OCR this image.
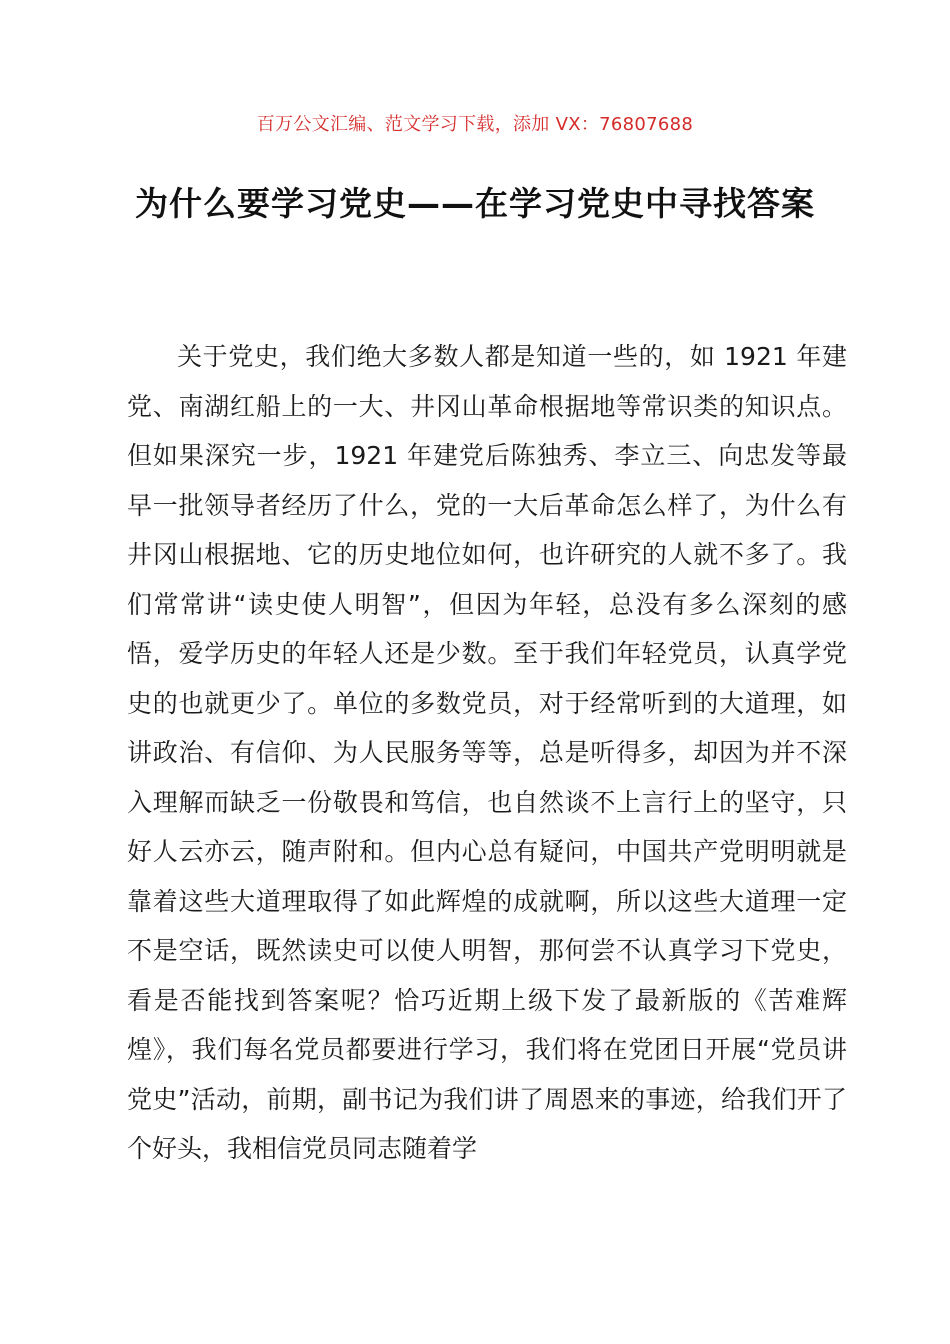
百万公文汇编、范文学习下载，添加 VX：76807688
为什么要学习党史——在学习党史中寻找答案

关于党史，我们绝大多数人都是知道一些的，如 1921 年建党、南湖红船上的一大、井冈山革命根据地等常识类的知识点。但如果深究一步，1921 年建党后陈独秀、李立三、向忠发等最早一批领导者经历了什么，党的一大后革命怎么样了，为什么有井冈山根据地、它的历史地位如何，也许研究的人就不多了。我们常常讲“读史使人明智”，但因为年轻，总没有多么深刻的感悟，爱学历史的年轻人还是少数。至于我们年轻党员，认真学党史的也就更少了。单位的多数党员，对于经常听到的大道理，如讲政治、有信仰、为人民服务等等，总是听得多，却因为并不深入理解而缺乏一份敬畏和笃信，也自然谈不上言行上的坚守，只好人云亦云，随声附和。但内心总有疑问，中国共产党明明就是靠着这些大道理取得了如此辉煌的成就啊，所以这些大道理一定不是空话，既然读史可以使人明智，那何尝不认真学习下党史，看是否能找到答案呢？恰巧近期上级下发了最新版的《苦难辉煌》，我们每名党员都要进行学习，我们将在党团日开展“党员讲党史”活动，前期，副书记为我们讲了周恩来的事迹，给我们开了个好头，我相信党员同志随着学
